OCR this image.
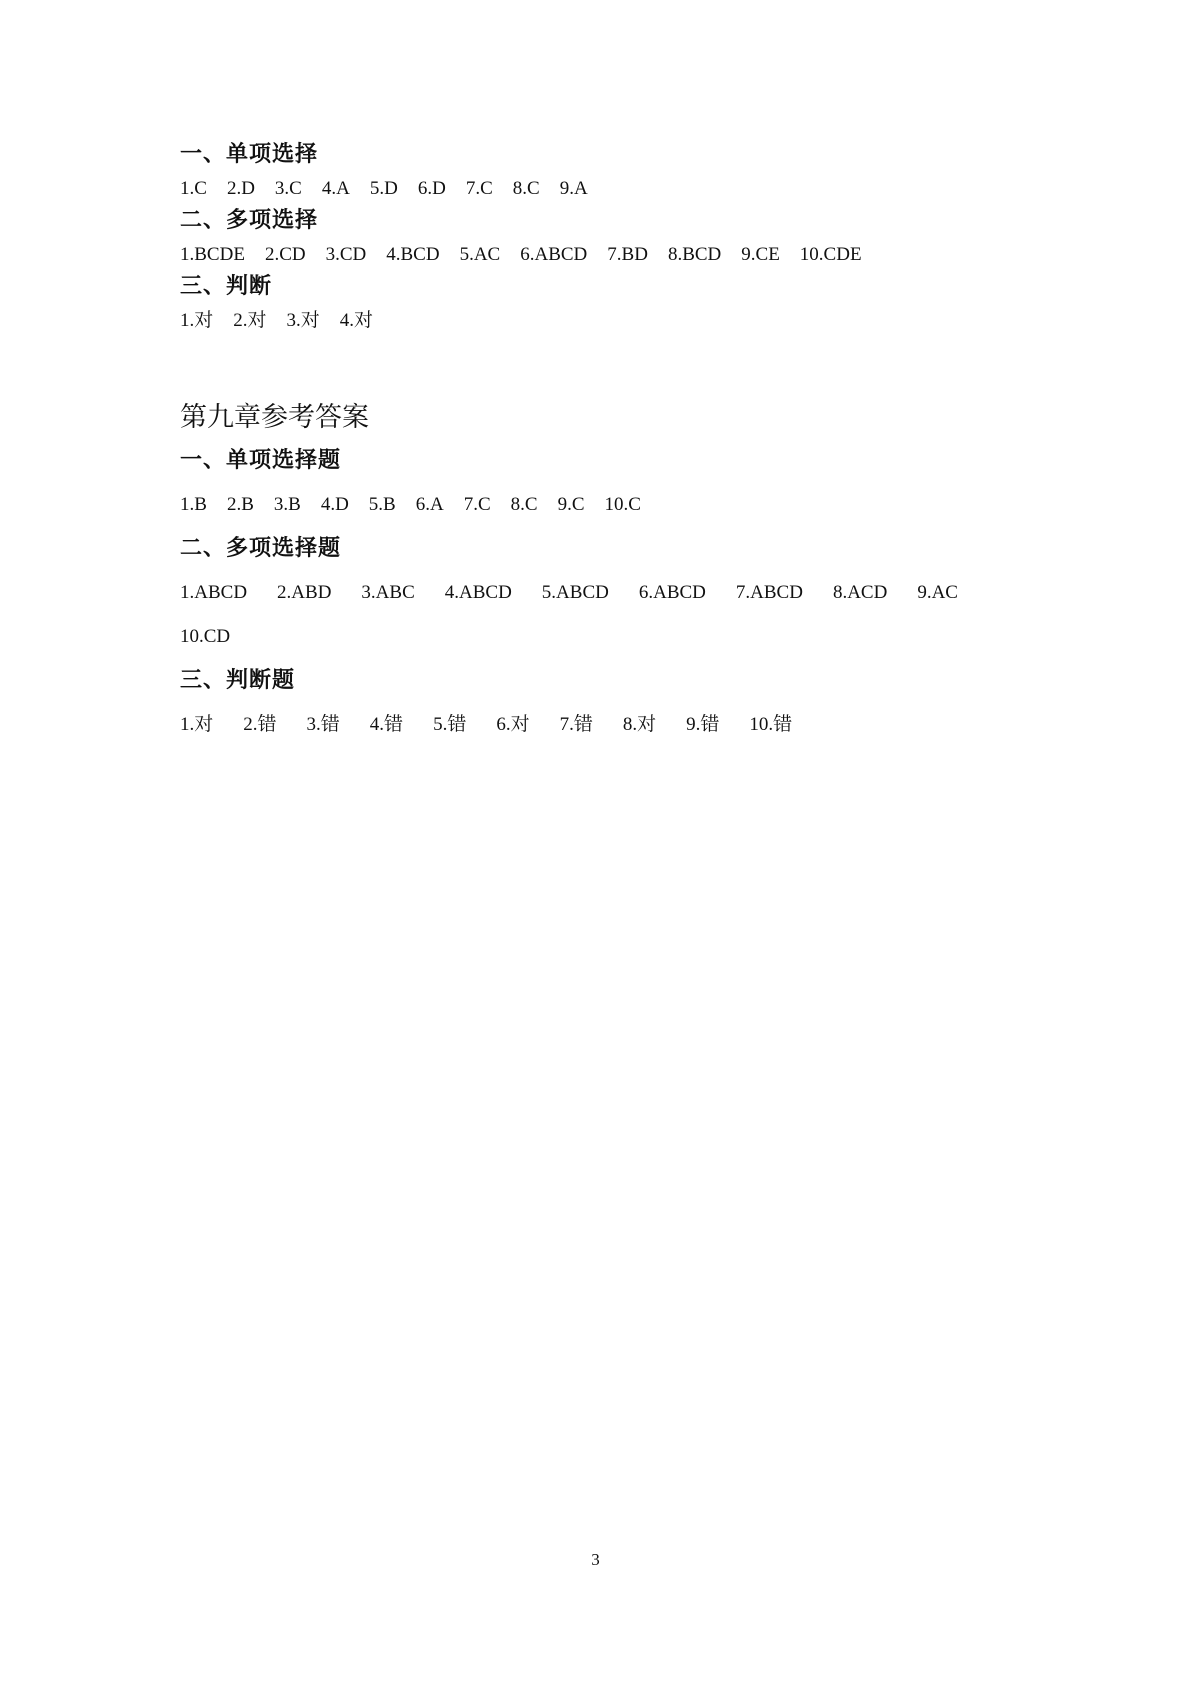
一、单项选择
1.C 2.D 3.C 4.A 5.D 6.D 7.C 8.C 9.A
二、多项选择
1.BCDE 2.CD 3.CD 4.BCD 5.AC 6.ABCD 7.BD 8.BCD 9.CE 10.CDE
三、判断
1.对 2.对 3.对 4.对
第九章参考答案
一、单项选择题
1.B 2.B 3.B 4.D 5.B 6.A 7.C 8.C 9.C 10.C
二、多项选择题
1.ABCD 2.ABD 3.ABC 4.ABCD 5.ABCD 6.ABCD 7.ABCD 8.ACD 9.AC
10.CD
三、判断题
1.对 2.错 3.错 4.错 5.错 6.对 7.错 8.对 9.错 10.错
3
